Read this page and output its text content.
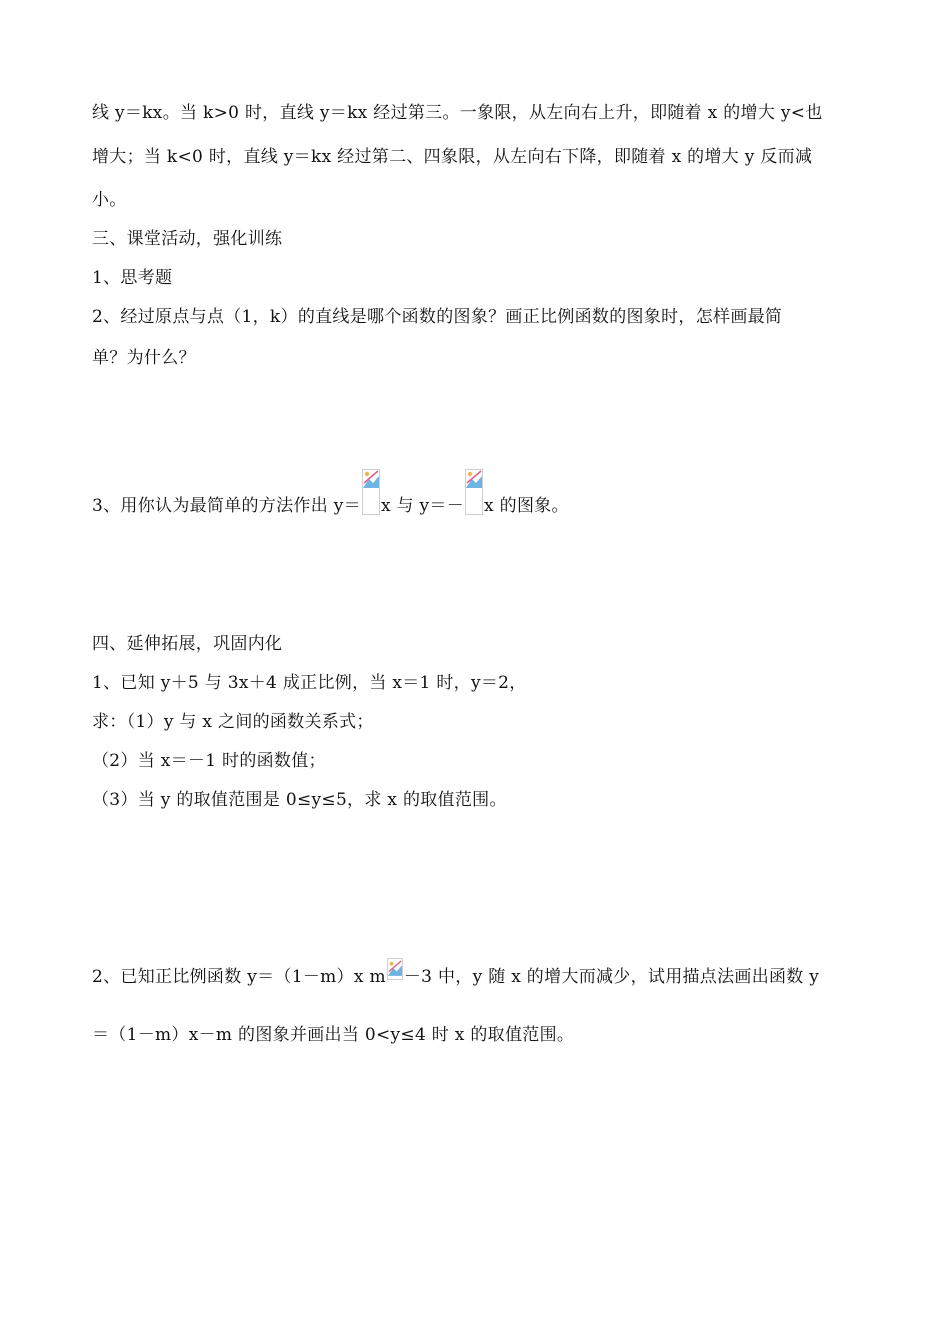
线 y＝kx。当 k>0 时，直线 y＝kx 经过第三。一象限，从左向右上升，即随着 x 的增大 y<也
增大；当 k<0 时，直线 y＝kx 经过第二、四象限，从左向右下降，即随着 x 的增大 y 反而减
小。
三、课堂活动，强化训练
1、思考题
2、经过原点与点（1，k）的直线是哪个函数的图象？画正比例函数的图象时，怎样画最简
单？为什么？
3、用你认为最简单的方法作出 y＝ x 与 y＝－ x 的图象。
四、延伸拓展，巩固内化
1、已知 y＋5 与 3x＋4 成正比例，当 x＝1 时，y＝2，
求：（1）y 与 x 之间的函数关系式；
（2）当 x＝－1 时的函数值；
（3）当 y 的取值范围是 0≤y≤5，求 x 的取值范围。
2、已知正比例函数 y＝（1－m）x m －3 中，y 随 x 的增大而减少，试用描点法画出函数 y
＝（1－m）x－m 的图象并画出当 0<y≤4 时 x 的取值范围。
